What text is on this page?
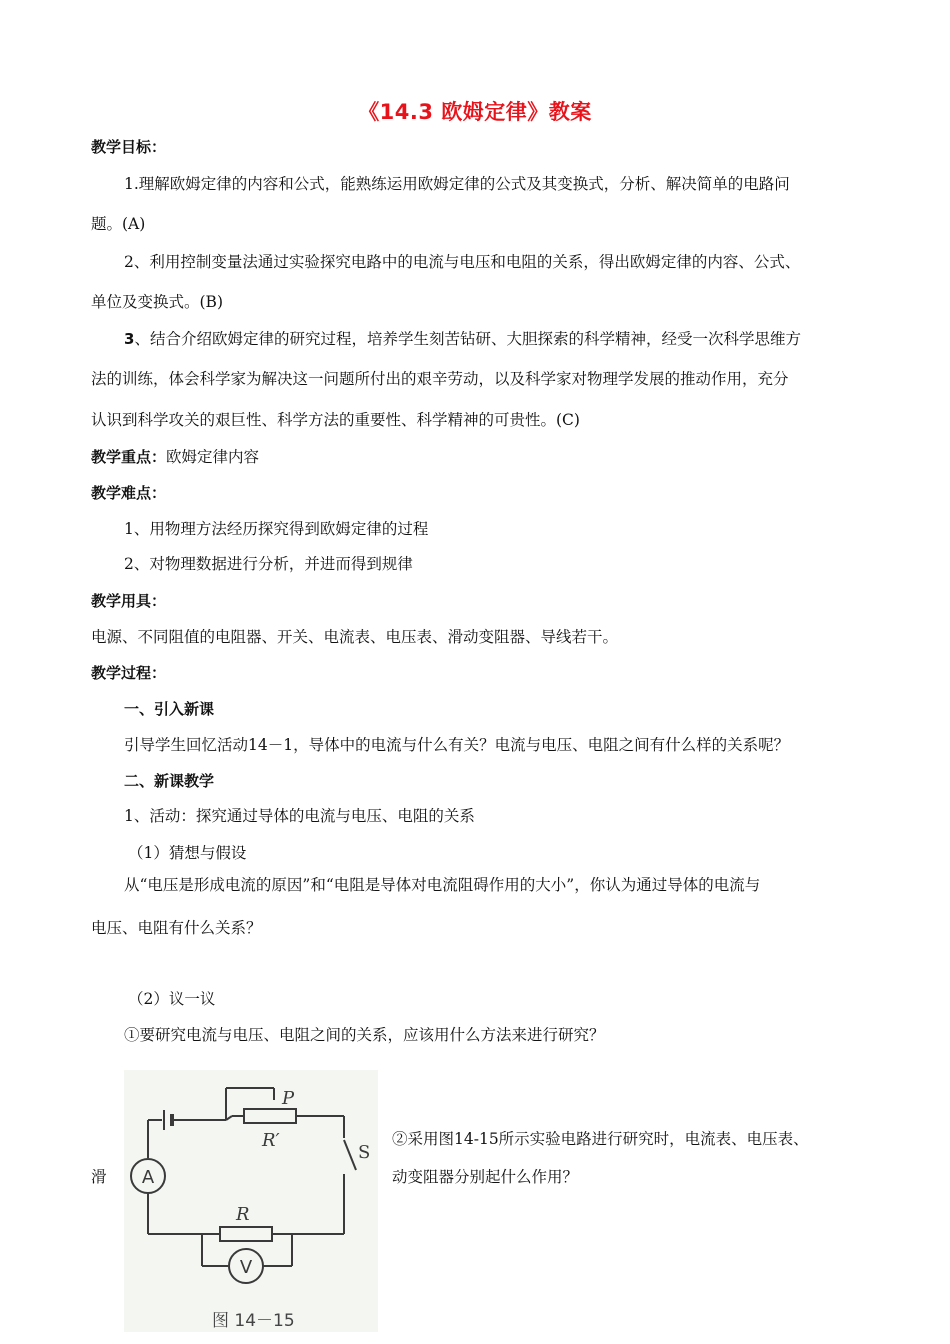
《14.3 欧姆定律》教案
教学目标：
1.理解欧姆定律的内容和公式，能熟练运用欧姆定律的公式及其变换式，分析、解决简单的电路问
题。(A)
2、利用控制变量法通过实验探究电路中的电流与电压和电阻的关系，得出欧姆定律的内容、公式、
单位及变换式。(B)
3、结合介绍欧姆定律的研究过程，培养学生刻苦钻研、大胆探索的科学精神，经受一次科学思维方
法的训练，体会科学家为解决这一问题所付出的艰辛劳动，以及科学家对物理学发展的推动作用，充分
认识到科学攻关的艰巨性、科学方法的重要性、科学精神的可贵性。(C)
教学重点：欧姆定律内容
教学难点：
1、用物理方法经历探究得到欧姆定律的过程
2、对物理数据进行分析，并进而得到规律
教学用具：
电源、不同阻值的电阻器、开关、电流表、电压表、滑动变阻器、导线若干。
教学过程：
一、引入新课
引导学生回忆活动14－1，导体中的电流与什么有关？电流与电压、电阻之间有什么样的关系呢？
二、新课教学
1、活动：探究通过导体的电流与电压、电阻的关系
（1）猜想与假设
从“电压是形成电流的原因”和“电阻是导体对电流阻碍作用的大小”，你认为通过导体的电流与
电压、电阻有什么关系？
（2）议一议
①要研究电流与电压、电阻之间的关系，应该用什么方法来进行研究？
②采用图14-15所示实验电路进行研究时，电流表、电压表、
滑	动变阻器分别起什么作用？
P
R′
S
R
A
V
图 14－15
